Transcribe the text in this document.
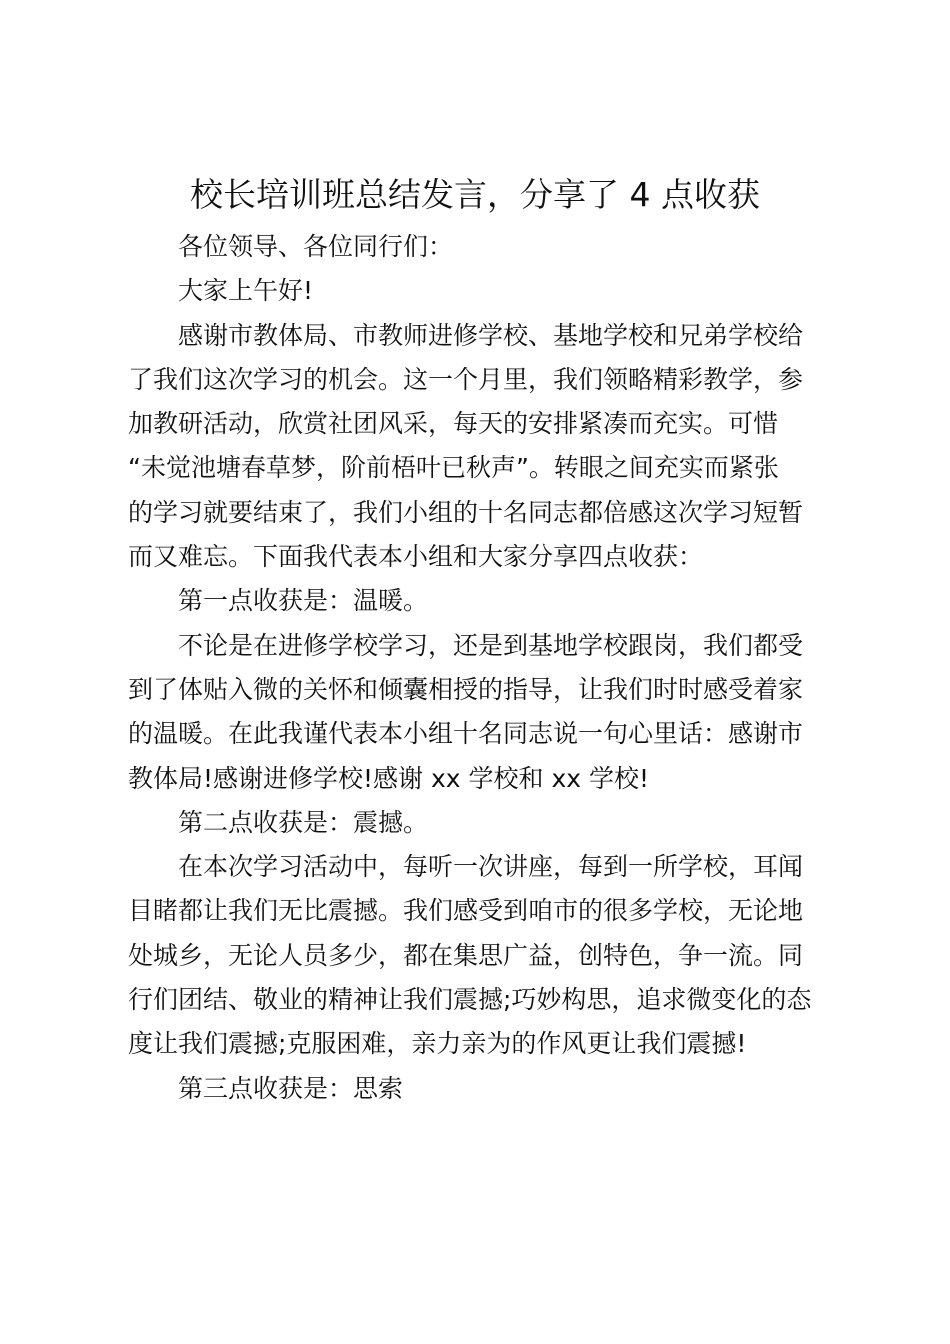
校长培训班总结发言，分享了 4 点收获
各位领导、各位同行们：
大家上午好!
感谢市教体局、市教师进修学校、基地学校和兄弟学校给
了我们这次学习的机会。这一个月里，我们领略精彩教学，参
加教研活动，欣赏社团风采，每天的安排紧凑而充实。可惜
“未觉池塘春草梦，阶前梧叶已秋声”。转眼之间充实而紧张
的学习就要结束了，我们小组的十名同志都倍感这次学习短暂
而又难忘。下面我代表本小组和大家分享四点收获：
第一点收获是：温暖。
不论是在进修学校学习，还是到基地学校跟岗，我们都受
到了体贴入微的关怀和倾囊相授的指导，让我们时时感受着家
的温暖。在此我谨代表本小组十名同志说一句心里话：感谢市
教体局!感谢进修学校!感谢 xx 学校和 xx 学校!
第二点收获是：震撼。
在本次学习活动中，每听一次讲座，每到一所学校，耳闻
目睹都让我们无比震撼。我们感受到咱市的很多学校，无论地
处城乡，无论人员多少，都在集思广益，创特色，争一流。同
行们团结、敬业的精神让我们震撼;巧妙构思，追求微变化的态
度让我们震撼;克服困难，亲力亲为的作风更让我们震撼!
第三点收获是：思索
